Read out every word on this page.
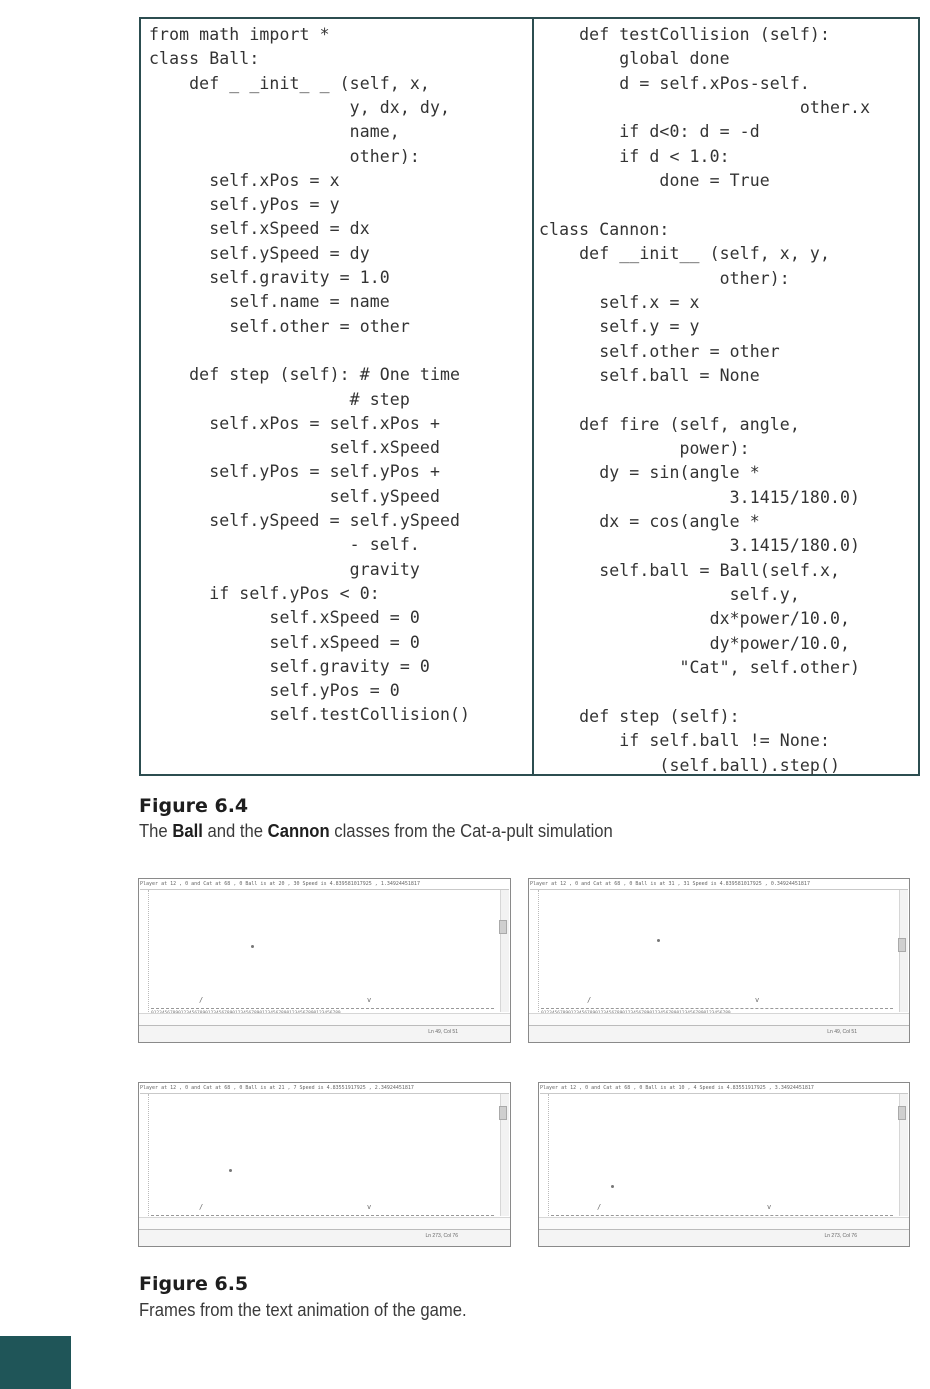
from math import *
class Ball:
def _ _init_ _ (self, x,
y, dx, dy,
name,
other):
self.xPos = x
self.yPos = y
self.xSpeed = dx
self.ySpeed = dy
self.gravity = 1.0
self.name = name
self.other = other
def step (self): # One time
# step
self.xPos = self.xPos +
self.xSpeed
self.yPos = self.yPos +
self.ySpeed
self.ySpeed = self.ySpeed
- self.
gravity
if self.yPos < 0:
self.xSpeed = 0
self.xSpeed = 0
self.gravity = 0
self.yPos = 0
self.testCollision()
def testCollision (self):
global done
d = self.xPos-self.
other.x
if d<0: d = -d
if d < 1.0:
done = True
class Cannon:
def __init__ (self, x, y,
other):
self.x = x
self.y = y
self.other = other
self.ball = None
def fire (self, angle,
power):
dy = sin(angle *
3.1415/180.0)
dx = cos(angle *
3.1415/180.0)
self.ball = Ball(self.x,
self.y,
dx*power/10.0,
dy*power/10.0,
"Cat", self.other)
def step (self):
if self.ball != None:
(self.ball).step()
Figure 6.4
The Ball and the Cannon classes from the Cat-a-pult simulation
Player at 12 , 0 and Cat at 68 , 0 Ball is at 20 , 30 Speed is 4.839581017925 , 1.34924451817
/	v
Ln 49, Col 51
Player at 12 , 0 and Cat at 68 , 0 Ball is at 31 , 31 Speed is 4.839581017925 , 0.34924451817
/	v
Ln 49, Col 51
Player at 12 , 0 and Cat at 68 , 0 Ball is at 21 , 7 Speed is 4.83551917925 , 2.34924451817
/	v
Ln 273, Col 76
Player at 12 , 0 and Cat at 68 , 0 Ball is at 10 , 4 Speed is 4.83551917925 , 3.34924451817
/	v
Ln 273, Col 76
Figure 6.5
Frames from the text animation of the game.
